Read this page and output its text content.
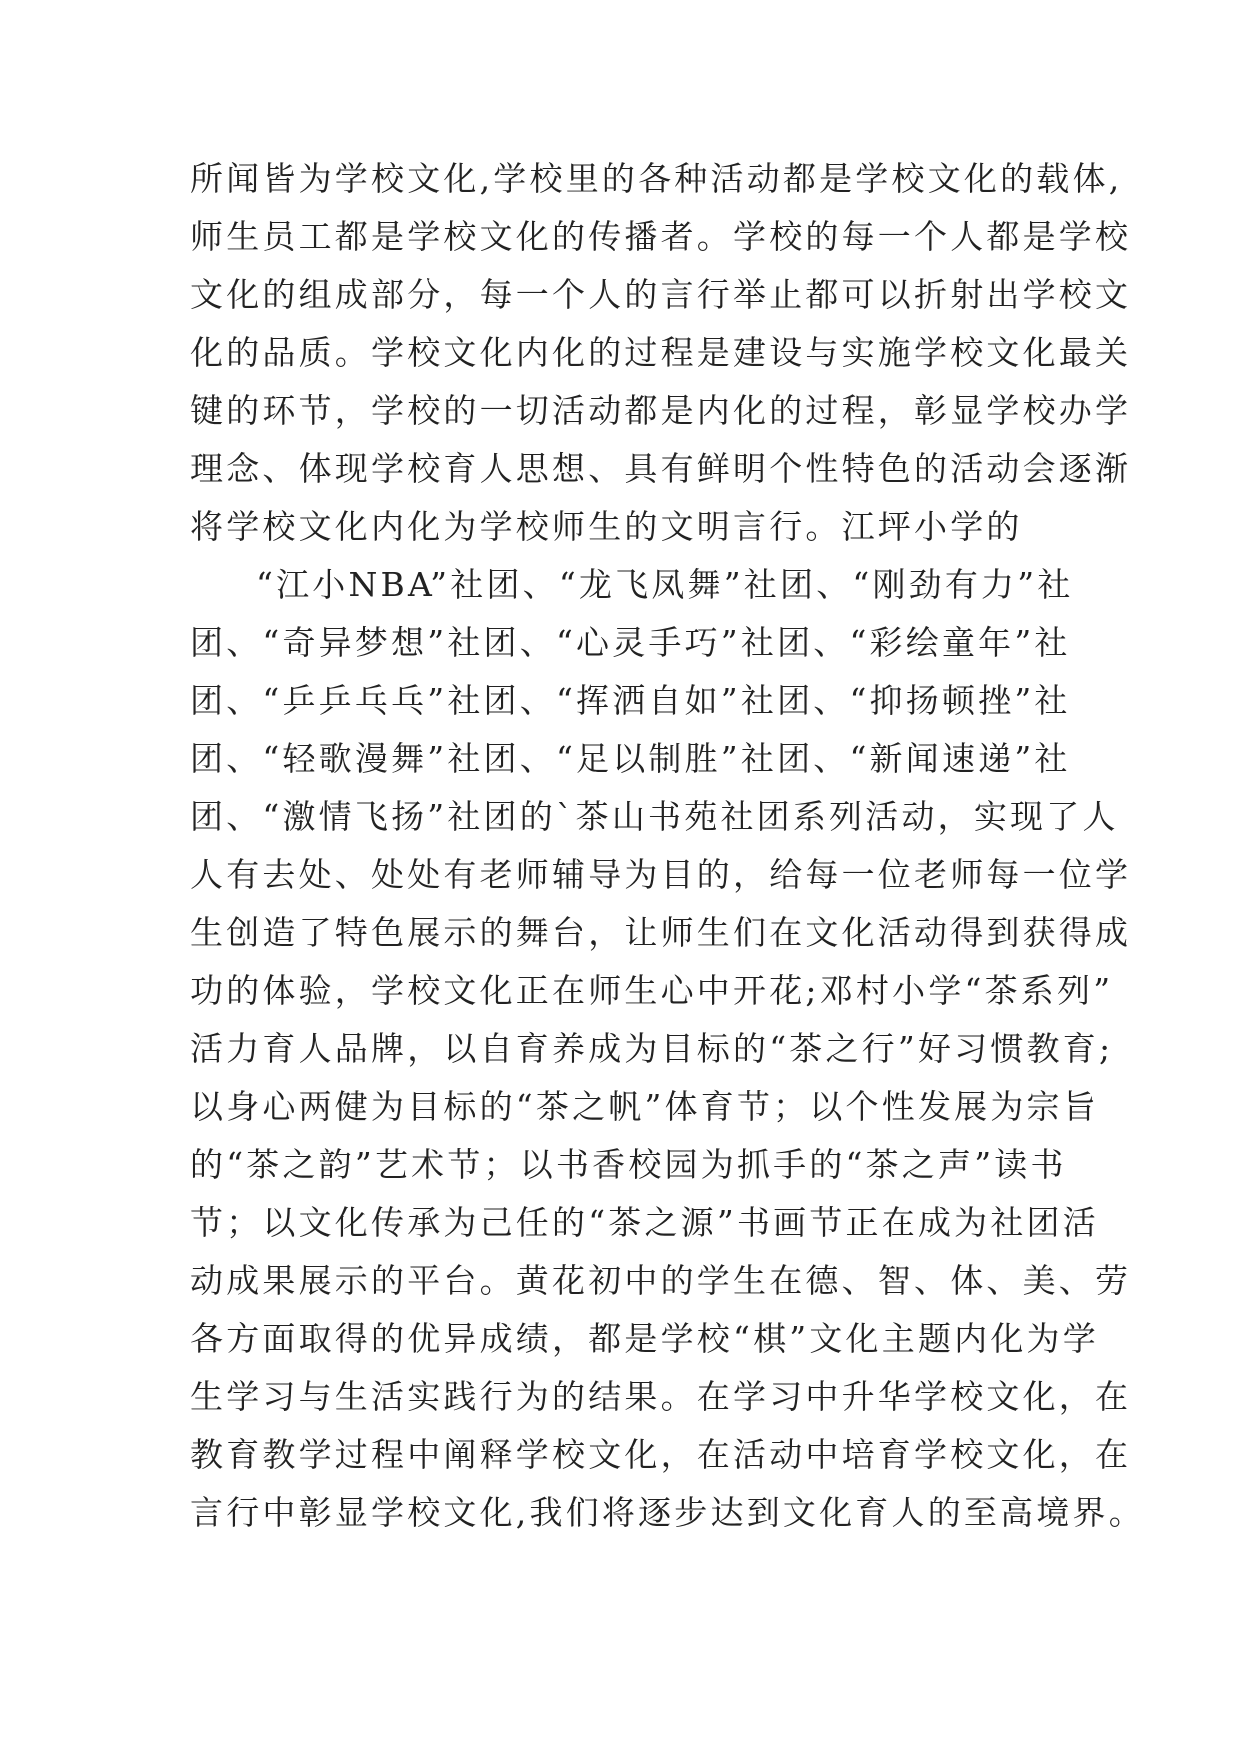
所闻皆为学校文化,学校里的各种活动都是学校文化的载体,
师生员工都是学校文化的传播者。学校的每一个人都是学校
文化的组成部分，每一个人的言行举止都可以折射出学校文
化的品质。学校文化内化的过程是建设与实施学校文化最关
键的环节，学校的一切活动都是内化的过程，彰显学校办学
理念、体现学校育人思想、具有鲜明个性特色的活动会逐渐
将学校文化内化为学校师生的文明言行。江坪小学的
“江小NBA”社团、“龙飞凤舞”社团、“刚劲有力”社
团、“奇异梦想”社团、“心灵手巧”社团、“彩绘童年”社
团、“乒乒乓乓”社团、“挥洒自如”社团、“抑扬顿挫”社
团、“轻歌漫舞”社团、“足以制胜”社团、“新闻速递”社
团、“激情飞扬”社团的`茶山书苑社团系列活动，实现了人
人有去处、处处有老师辅导为目的，给每一位老师每一位学
生创造了特色展示的舞台，让师生们在文化活动得到获得成
功的体验，学校文化正在师生心中开花;邓村小学“茶系列”
活力育人品牌，以自育养成为目标的“茶之行”好习惯教育;
以身心两健为目标的“茶之帆”体育节；以个性发展为宗旨
的“茶之韵”艺术节；以书香校园为抓手的“茶之声”读书
节；以文化传承为己任的“茶之源”书画节正在成为社团活
动成果展示的平台。黄花初中的学生在德、智、体、美、劳
各方面取得的优异成绩，都是学校“棋”文化主题内化为学
生学习与生活实践行为的结果。在学习中升华学校文化，在
教育教学过程中阐释学校文化，在活动中培育学校文化，在
言行中彰显学校文化,我们将逐步达到文化育人的至高境界。
